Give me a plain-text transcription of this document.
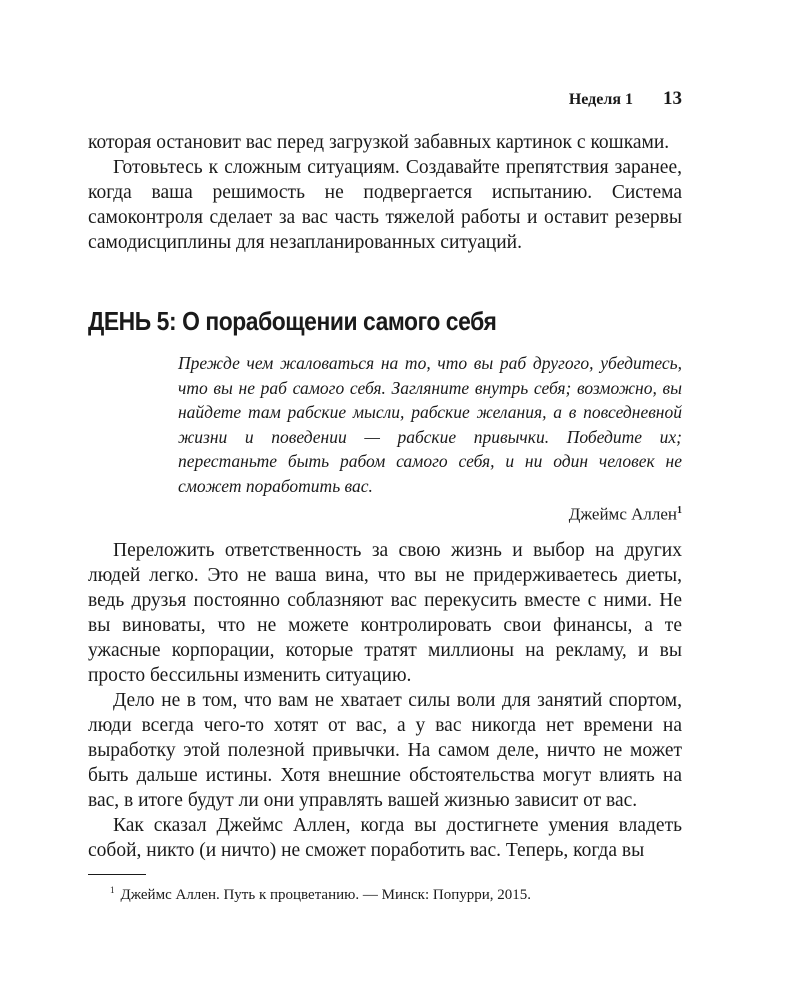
Неделя 1 13

которая остановит вас перед загрузкой забавных картинок с кошками.

Готовьтесь к сложным ситуациям. Создавайте препятствия заранее, когда ваша решимость не подвергается испытанию. Система самоконтроля сделает за вас часть тяжелой работы и оставит резервы самодисциплины для незапланированных ситуаций.

ДЕНЬ 5: О порабощении самого себя

Прежде чем жаловаться на то, что вы раб другого, убедитесь, что вы не раб самого себя. Загляните внутрь себя; возможно, вы найдете там рабские мысли, рабские желания, а в повседневной жизни и поведении — рабские привычки. Победите их; перестаньте быть рабом самого себя, и ни один человек не сможет поработить вас.

Джеймс Аллен$^1$

Переложить ответственность за свою жизнь и выбор на других людей легко. Это не ваша вина, что вы не придерживаетесь диеты, ведь друзья постоянно соблазняют вас перекусить вместе с ними. Не вы виноваты, что не можете контролировать свои финансы, а те ужасные корпорации, которые тратят миллионы на рекламу, и вы просто бессильны изменить ситуацию.

Дело не в том, что вам не хватает силы воли для занятий спортом, люди всегда чего-то хотят от вас, а у вас никогда нет времени на выработку этой полезной привычки. На самом деле, ничто не может быть дальше истины. Хотя внешние обстоятельства могут влиять на вас, в итоге будут ли они управлять вашей жизнью зависит от вас.

Как сказал Джеймс Аллен, когда вы достигнете умения владеть собой, никто (и ничто) не сможет поработить вас. Теперь, когда вы

$^1$ Джеймс Аллен. Путь к процветанию. — Минск: Попурри, 2015.
